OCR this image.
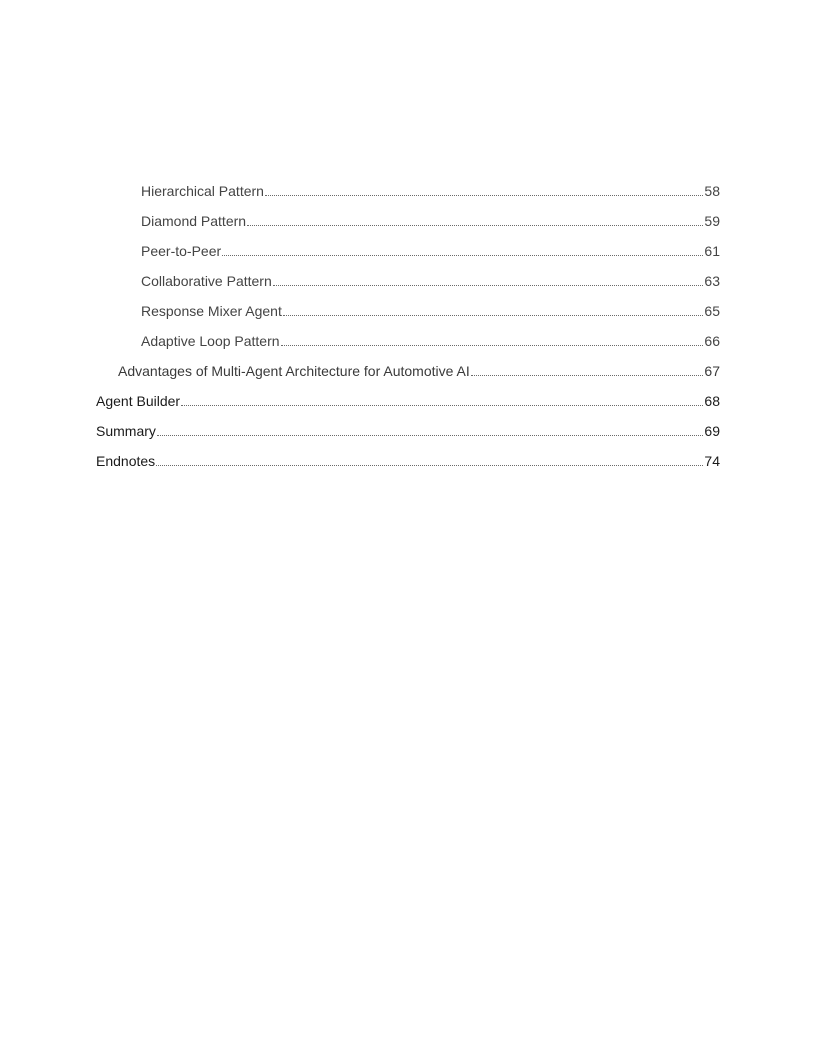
Hierarchical Pattern	58
Diamond Pattern	59
Peer-to-Peer	61
Collaborative Pattern	63
Response Mixer Agent	65
Adaptive Loop Pattern	66
Advantages of Multi-Agent Architecture for Automotive AI	67
Agent Builder	68
Summary	69
Endnotes	74
